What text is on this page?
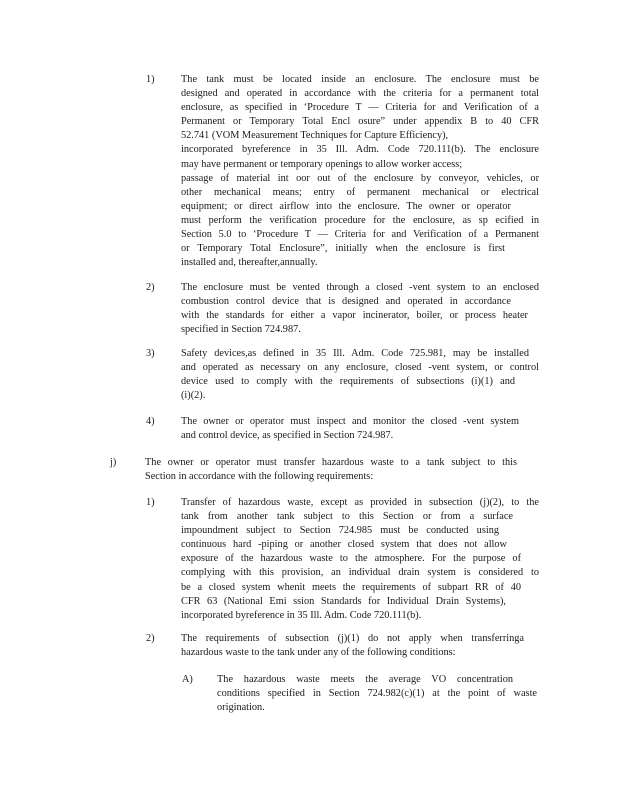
1)	The tank must be located inside an enclosure. The enclosure must be
designed and operated in accordance with the criteria for a permanent total
enclosure, as specified in ‘Procedure T — Criteria for and Verification of a
Permanent or Temporary Total Encl osure” under appendix B to 40 CFR
52.741 (VOM Measurement Techniques for Capture Efficiency),
incorporated byreference in 35 Ill. Adm. Code 720.111(b). The enclosure
may have permanent or temporary openings to allow worker access;
passage of material int oor out of the enclosure by conveyor, vehicles, or
other mechanical means; entry of permanent mechanical or electrical
equipment; or direct airflow into the enclosure. The owner or operator
must perform the verification procedure for the enclosure, as sp ecified in
Section 5.0 to ‘Procedure T — Criteria for and Verification of a Permanent
or Temporary Total Enclosure”, initially when the enclosure is first
installed and, thereafter,annually.
2)	The enclosure must be vented through a closed -vent system to an enclosed
combustion control device that is designed and operated in accordance
with the standards for either a vapor incinerator, boiler, or process heater
specified in Section 724.987.
3)	Safety devices,as defined in 35 Ill. Adm. Code 725.981, may be installed
and operated as necessary on any enclosure, closed -vent system, or control
device used to comply with the requirements of subsections (i)(1) and
(i)(2).
4)	The owner or operator must inspect and monitor the closed -vent system
and control device, as specified in Section 724.987.
j)	The owner or operator must transfer hazardous waste to a tank subject to this
Section in accordance with the following requirements:
1)	Transfer of hazardous waste, except as provided in subsection (j)(2), to the
tank from another tank subject to this Section or from a surface
impoundment subject to Section 724.985 must be conducted using
continuous hard -piping or another closed system that does not allow
exposure of the hazardous waste to the atmosphere. For the purpose of
complying with this provision, an individual drain system is considered to
be a closed system whenit meets the requirements of subpart RR of 40
CFR 63 (National Emi ssion Standards for Individual Drain Systems),
incorporated byreference in 35 Ill. Adm. Code 720.111(b).
2)	The requirements of subsection (j)(1) do not apply when transferringa
hazardous waste to the tank under any of the following conditions:
A) The hazardous waste meets the average VO concentration
conditions specified in Section 724.982(c)(1) at the point of waste
origination.
